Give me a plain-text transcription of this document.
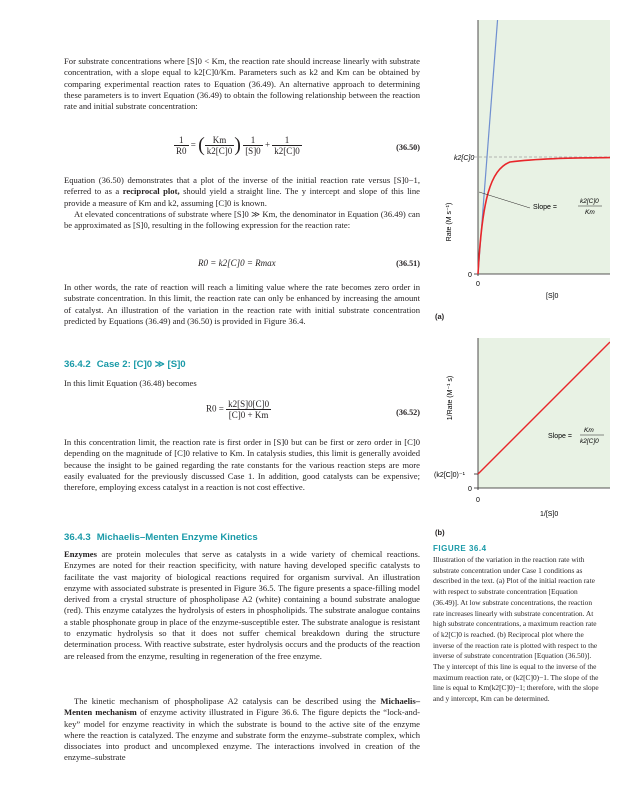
For substrate concentrations where [S]0 < Km, the reaction rate should increase linearly with substrate concentration, with a slope equal to k2[C]0/Km. Parameters such as k2 and Km can be obtained by comparing experimental reaction rates to Equation (36.49). An alternative approach to determining these parameters is to invert Equation (36.49) to obtain the following relationship between the reaction rate and initial substrate concentration:

$\frac{1}{R0}$ = ( $\frac{Km}{k2[C]0}$ ) $\frac{1}{[S]0} + \frac{1}{k2[C]0}$	(36.50)

Equation (36.50) demonstrates that a plot of the inverse of the initial reaction rate versus [S]0−1, referred to as a reciprocal plot, should yield a straight line. The y intercept and slope of this line provide a measure of Km and k2, assuming [C]0 is known.

At elevated concentrations of substrate where [S]0 ≫ Km, the denominator in Equation (36.49) can be approximated as [S]0, resulting in the following expression for the reaction rate:

R0 = k2[C]0 = Rmax	(36.51)

In other words, the rate of reaction will reach a limiting value where the rate becomes zero order in substrate concentration. In this limit, the reaction rate can only be enhanced by increasing the amount of catalyst. An illustration of the variation in the reaction rate with initial substrate concentration predicted by Equations (36.49) and (36.50) is provided in Figure 36.4.

36.4.2 Case 2: [C]0 ≫ [S]0

In this limit Equation (36.48) becomes

$R0 = \frac{k2[S]0[C]0}{[C]0 + Km}$	(36.52)

In this concentration limit, the reaction rate is first order in [S]0 but can be first or zero order in [C]0 depending on the magnitude of [C]0 relative to Km. In catalysis studies, this limit is generally avoided because the insight to be gained regarding the rate constants for the various reaction steps are more easily evaluated for the previously discussed Case 1. In addition, good catalysts can be expensive; therefore, employing excess catalyst in a reaction is not cost effective.

36.4.3 Michaelis–Menten Enzyme Kinetics

Enzymes are protein molecules that serve as catalysts in a wide variety of chemical reactions. Enzymes are noted for their reaction specificity, with nature having developed specific catalysts to facilitate the vast majority of biological reactions required for organism survival. An illustration enzyme with associated substrate is presented in Figure 36.5. The figure presents a space-filling model derived from a crystal structure of phospholipase A2 (white) containing a bound substrate analogue (red). This enzyme catalyzes the hydrolysis of esters in phospholipids. The substrate analogue contains a stable phosphonate group in place of the enzyme-susceptible ester. The substrate analogue is resistant to enzymatic hydrolysis so that it does not suffer chemical breakdown during the structure determination process. With reactive substrate, ester hydrolysis occurs and the products of the reaction are released from the enzyme, resulting in regeneration of the free enzyme.

The kinetic mechanism of phospholipase A2 catalysis can be described using the Michaelis–Menten mechanism of enzyme activity illustrated in Figure 36.6. The figure depicts the “lock-and-key” model for enzyme reactivity in which the substrate is bound to the active site of the enzyme where the reaction is catalyzed. The enzyme and substrate form the enzyme–substrate complex, which dissociates into product and uncomplexed enzyme. The interactions involved in creation of the enzyme–substrate

k2[C]0
Rate (M s⁻¹)
0
0
[S]0
Slope =
k2[C]0
Km
(a)
1/Rate (M⁻¹ s)
(k2[C]0)⁻¹
0
0
1/[S]0
Slope =
Km
k2[C]0
(b)
FIGURE 36.4

Illustration of the variation in the reaction rate with substrate concentration under Case 1 conditions as described in the text. (a) Plot of the initial reaction rate with respect to substrate concentration [Equation (36.49)]. At low substrate concentrations, the reaction rate increases linearly with substrate concentration. At high substrate concentrations, a maximum reaction rate of k2[C]0 is reached. (b) Reciprocal plot where the inverse of the reaction rate is plotted with respect to the inverse of substrate concentration [Equation (36.50)]. The y intercept of this line is equal to the inverse of the maximum reaction rate, or (k2[C]0)−1. The slope of the line is equal to Km(k2[C]0)−1; therefore, with the slope and y intercept, Km can be determined.
